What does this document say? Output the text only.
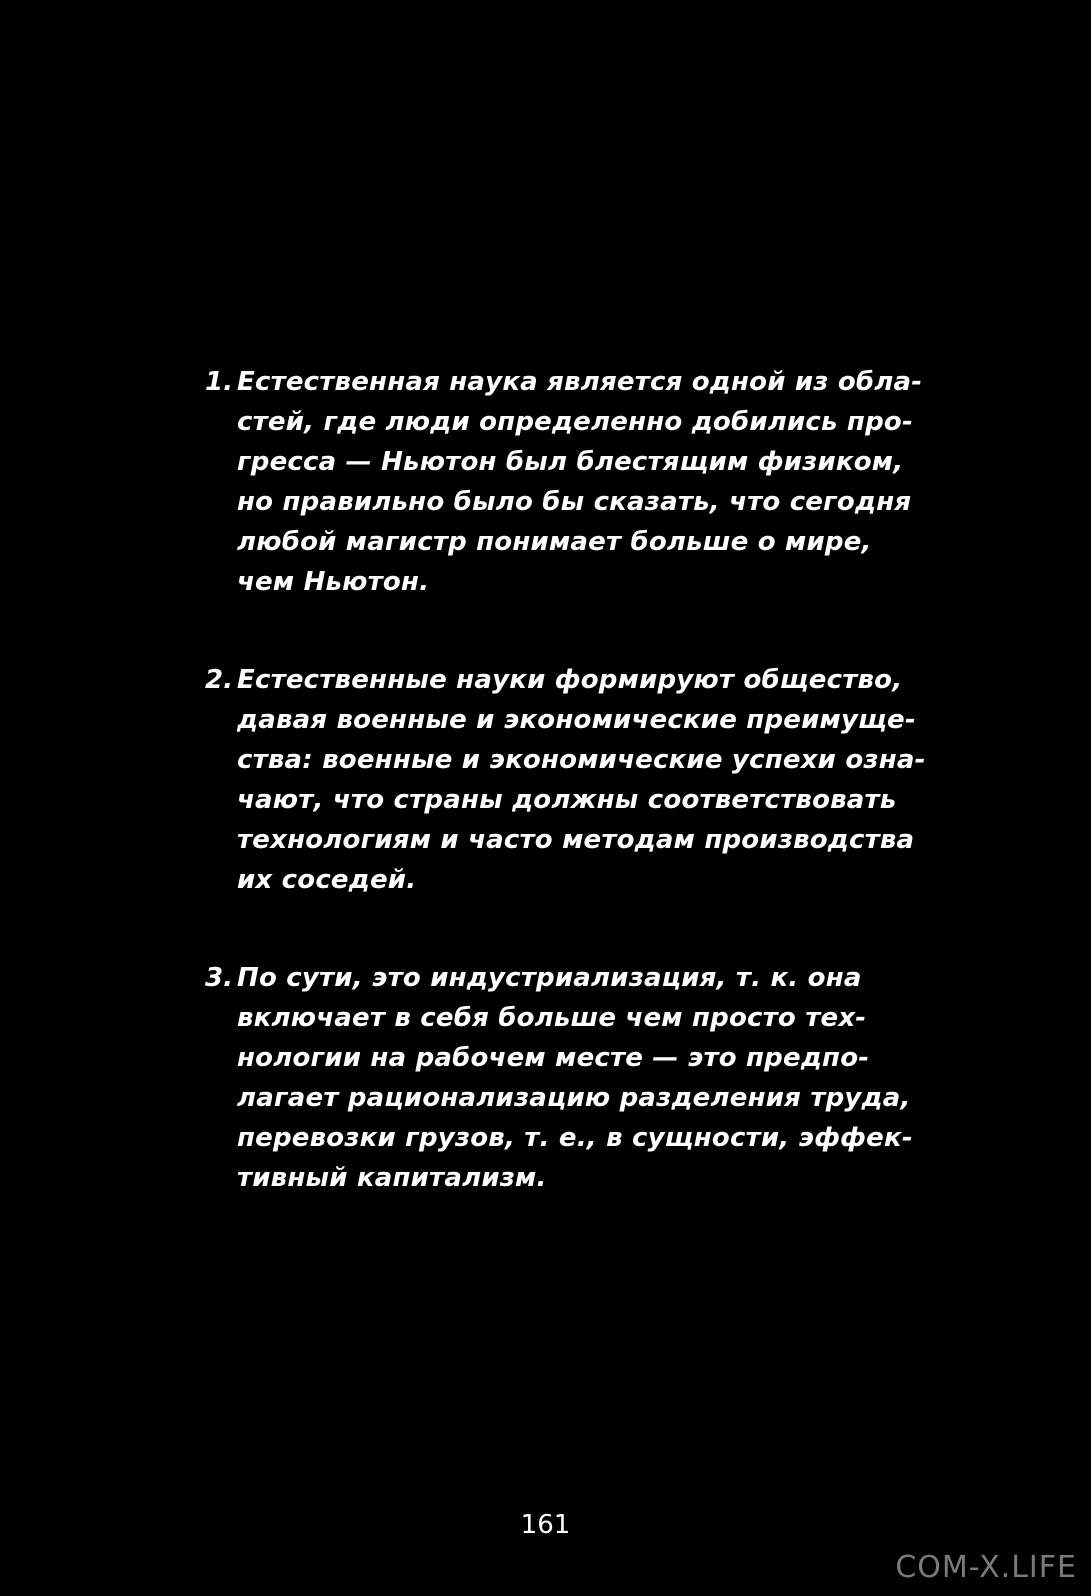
1. Естественная наука является одной из обла-
стей, где люди определенно добились про-
гресса — Ньютон был блестящим физиком,
но правильно было бы сказать, что сегодня
любой магистр понимает больше о мире,
чем Ньютон.
2. Естественные науки формируют общество,
давая военные и экономические преимуще-
ства: военные и экономические успехи озна-
чают, что страны должны соответствовать
технологиям и часто методам производства
их соседей.
3. По сути, это индустриализация, т. к. она
включает в себя больше чем просто тех-
нологии на рабочем месте — это предпо-
лагает рационализацию разделения труда,
перевозки грузов, т. е., в сущности, эффек-
тивный капитализм.
161
COM-X.LIFE
